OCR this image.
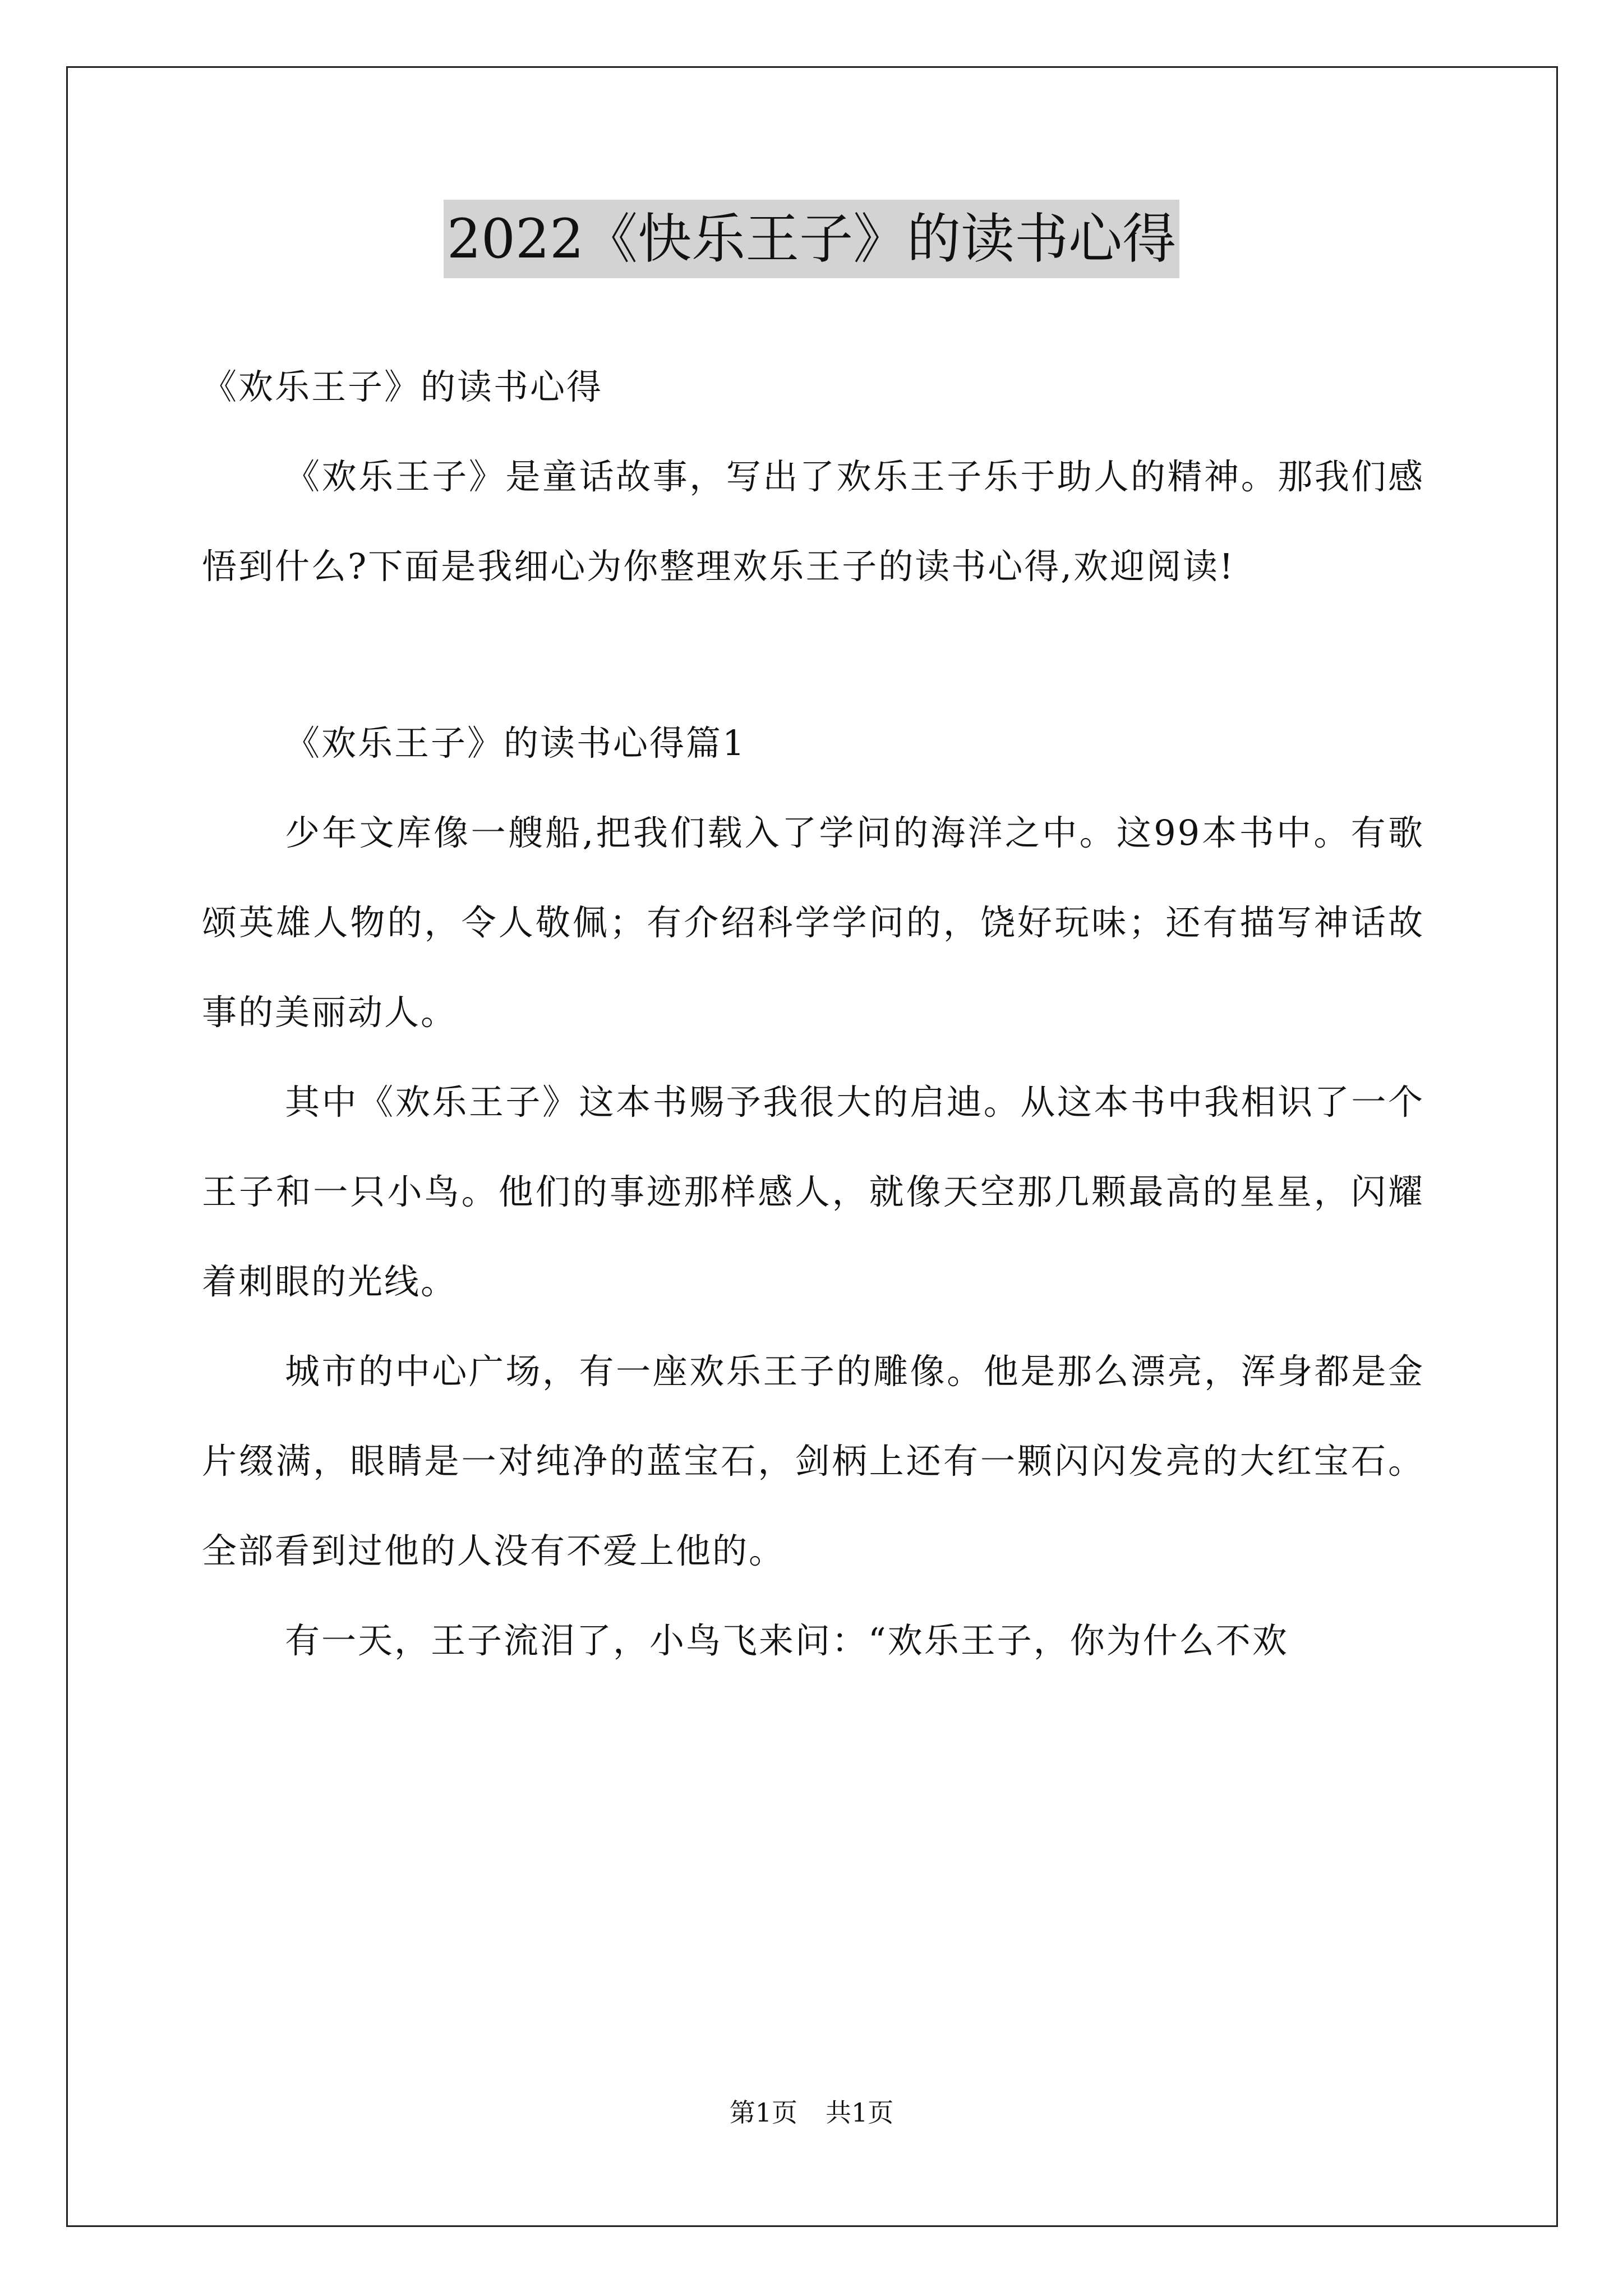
2022《快乐王子》的读书心得

《欢乐王子》的读书心得

《欢乐王子》是童话故事，写出了欢乐王子乐于助人的精神。那我们感悟到什么?下面是我细心为你整理欢乐王子的读书心得,欢迎阅读!

《欢乐王子》的读书心得篇1

少年文库像一艘船,把我们载入了学问的海洋之中。这99本书中。有歌颂英雄人物的，令人敬佩；有介绍科学学问的，饶好玩味；还有描写神话故事的美丽动人。

其中《欢乐王子》这本书赐予我很大的启迪。从这本书中我相识了一个王子和一只小鸟。他们的事迹那样感人，就像天空那几颗最高的星星，闪耀着刺眼的光线。

城市的中心广场，有一座欢乐王子的雕像。他是那么漂亮，浑身都是金片缀满，眼睛是一对纯净的蓝宝石，剑柄上还有一颗闪闪发亮的大红宝石。全部看到过他的人没有不爱上他的。

有一天，王子流泪了，小鸟飞来问：“欢乐王子，你为什么不欢

第1页 共1页
